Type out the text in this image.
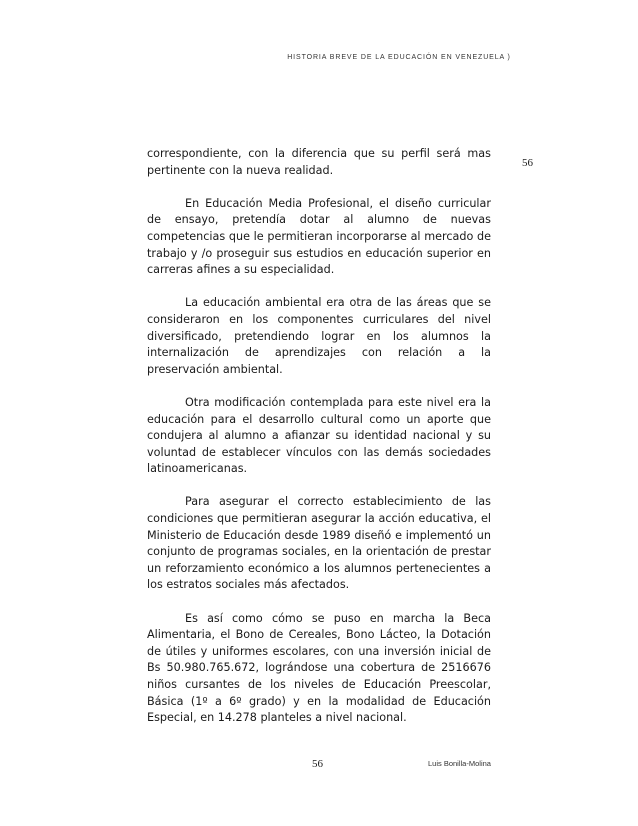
HISTORIA BREVE DE LA EDUCACIÓN EN VENEZUELA )
56

correspondiente, con la diferencia que su perfil será mas pertinente con la nueva realidad.

En Educación Media Profesional, el diseño curricular de ensayo, pretendía dotar al alumno de nuevas competencias que le permitieran incorporarse al mercado de trabajo y /o proseguir sus estudios en educación superior en carreras afines a su especialidad.

La educación ambiental era otra de las áreas que se consideraron en los componentes curriculares del nivel diversificado, pretendiendo lograr en los alumnos la internalización de aprendizajes con relación a la preservación ambiental.

Otra modificación contemplada para este nivel era la educación para el desarrollo cultural como un aporte que condujera al alumno a afianzar su identidad nacional y su voluntad de establecer vínculos con las demás sociedades latinoamericanas.

Para asegurar el correcto establecimiento de las condiciones que permitieran asegurar la acción educativa, el Ministerio de Educación desde 1989 diseñó e implementó un conjunto de programas sociales, en la orientación de prestar un reforzamiento económico a los alumnos pertenecientes a los estratos sociales más afectados.

Es así como cómo se puso en marcha la Beca Alimentaria, el Bono de Cereales, Bono Lácteo, la Dotación de útiles y uniformes escolares, con una inversión inicial de Bs 50.980.765.672, lográndose una cobertura de 2516676 niños cursantes de los niveles de Educación Preescolar, Básica (1º a 6º grado) y en la modalidad de Educación Especial, en 14.278 planteles a nivel nacional.

56	Luis Bonilla-Molina
